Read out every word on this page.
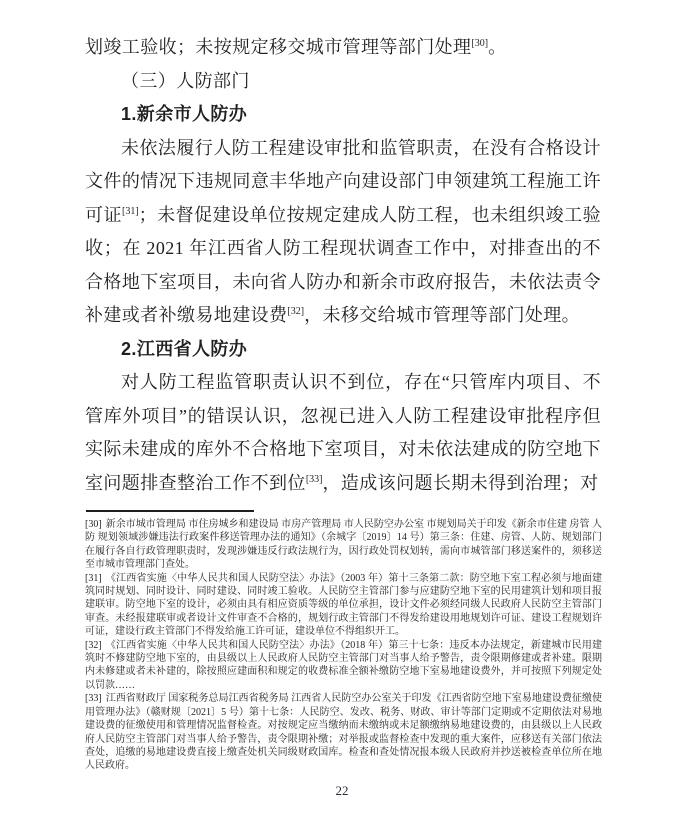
划竣工验收；未按规定移交城市管理等部门处理[30]。

（三）人防部门

1.新余市人防办

未依法履行人防工程建设审批和监管职责，在没有合格设计文件的情况下违规同意丰华地产向建设部门申领建筑工程施工许可证[31]；未督促建设单位按规定建成人防工程，也未组织竣工验收；在 2021 年江西省人防工程现状调查工作中，对排查出的不合格地下室项目，未向省人防办和新余市政府报告，未依法责令补建或者补缴易地建设费[32]，未移交给城市管理等部门处理。

2.江西省人防办

对人防工程监管职责认识不到位，存在“只管库内项目、不管库外项目”的错误认识，忽视已进入人防工程建设审批程序但实际未建成的库外不合格地下室项目，对未依法建成的防空地下室问题排查整治工作不到位[33]，造成该问题长期未得到治理；对

[30] 新余市城市管理局 市住房城乡和建设局 市房产管理局 市人民防空办公室 市规划局关于印发《新余市住建 房管 人防 规划领域涉嫌违法行政案件移送管理办法的通知》（余城字〔2019〕14 号）第三条：住建、房管、人防、规划部门在履行各自行政管理职责时，发现涉嫌违反行政法规行为，因行政处罚权划转，需向市城管部门移送案件的，须移送至市城市管理部门查处。

[31] 《江西省实施〈中华人民共和国人民防空法〉办法》（2003 年）第十三条第二款：防空地下室工程必须与地面建筑同时规划、同时设计、同时建设、同时竣工验收。人民防空主管部门参与应建防空地下室的民用建筑计划和项目报建联审。防空地下室的设计，必须由具有相应资质等级的单位承担，设计文件必须经同级人民政府人民防空主管部门审查。未经报建联审或者设计文件审查不合格的，规划行政主管部门不得发给建设用地规划许可证、建设工程规划许可证，建设行政主管部门不得发给施工许可证，建设单位不得组织开工。

[32] 《江西省实施〈中华人民共和国人民防空法〉办法》（2018 年）第三十七条：违反本办法规定，新建城市民用建筑时不修建防空地下室的，由县级以上人民政府人民防空主管部门对当事人给予警告，责令限期修建或者补建。限期内未修建或者未补建的，除按照应建面积和规定的收费标准全额补缴防空地下室易地建设费外，并可按照下列规定处以罚款……

[33] 江西省财政厅 国家税务总局江西省税务局 江西省人民防空办公室关于印发《江西省防空地下室易地建设费征缴使用管理办法》（赣财规〔2021〕5 号）第十七条：人民防空、发改、税务、财政、审计等部门定期或不定期依法对易地建设费的征缴使用和管理情况监督检查。对按规定应当缴纳而未缴纳或未足额缴纳易地建设费的，由县级以上人民政府人民防空主管部门对当事人给予警告，责令限期补缴；对举报或监督检查中发现的重大案件，应移送有关部门依法查处，追缴的易地建设费直接上缴查处机关同级财政国库。检查和查处情况报本级人民政府并抄送被检查单位所在地人民政府。

22
